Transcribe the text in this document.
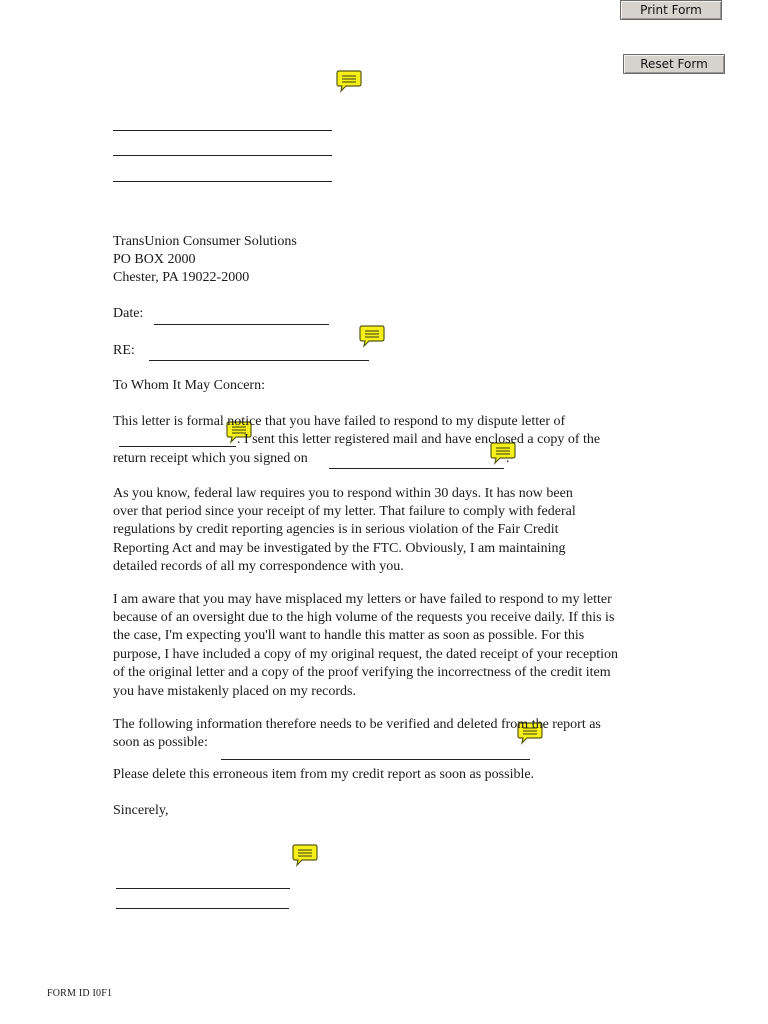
Print Form
Reset Form
TransUnion Consumer Solutions
PO BOX 2000
Chester, PA 19022-2000
Date:
RE:
To Whom It May Concern:
This letter is formal notice that you have failed to respond to my dispute letter of
. I sent this letter registered mail and have enclosed a copy of the
return receipt which you signed on	.
As you know, federal law requires you to respond within 30 days. It has now been
over that period since your receipt of my letter. That failure to comply with federal
regulations by credit reporting agencies is in serious violation of the Fair Credit
Reporting Act and may be investigated by the FTC. Obviously, I am maintaining
detailed records of all my correspondence with you.
I am aware that you may have misplaced my letters or have failed to respond to my letter
because of an oversight due to the high volume of the requests you receive daily. If this is
the case, I'm expecting you'll want to handle this matter as soon as possible. For this
purpose, I have included a copy of my original request, the dated receipt of your reception
of the original letter and a copy of the proof verifying the incorrectness of the credit item
you have mistakenly placed on my records.
The following information therefore needs to be verified and deleted from the report as
soon as possible:
Please delete this erroneous item from my credit report as soon as possible.
Sincerely,
FORM ID I0F1
